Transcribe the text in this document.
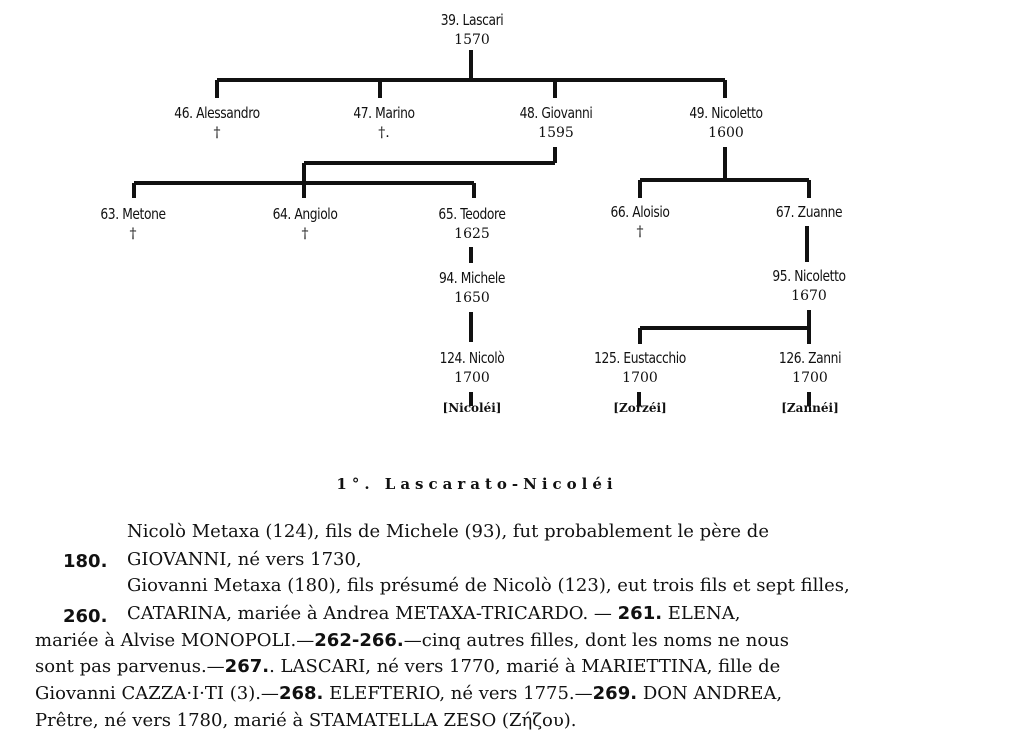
39. Lascari
1570
46. Alessandro
†
47. Marino
†.
48. Giovanni
1595
49. Nicoletto
1600
63. Metone
†
64. Angiolo
†
65. Teodore
1625
66. Aloisio
†
67. Zuanne
94. Michele
1650
95. Nicoletto
1670
124. Nicolò
1700
[Nicoléi]
125. Eustacchio
1700
[Zorzéi]
126. Zanni
1700
[Zannéi]
1°. Lascarato-Nicoléi
Nicolò Metaxa (124), fils de Michele (93), fut probablement le père de
180. GIOVANNI, né vers 1730,
Giovanni Metaxa (180), fils présumé de Nicolò (123), eut trois fils et sept filles,
260. CATARINA, mariée à Andrea METAXA-TRICARDO. — 261. ELENA,
mariée à Alvise MONOPOLI.—262-266.—cinq autres filles, dont les noms ne nous
sont pas parvenus.—267.. LASCARI, né vers 1770, marié à MARIETTINA, fille de
Giovanni CAZZA·I·TI (3).—268. ELEFTERIO, né vers 1775.—269. DON ANDREA,
Prêtre, né vers 1780, marié à STAMATELLA ZESO (Ζήζου).
